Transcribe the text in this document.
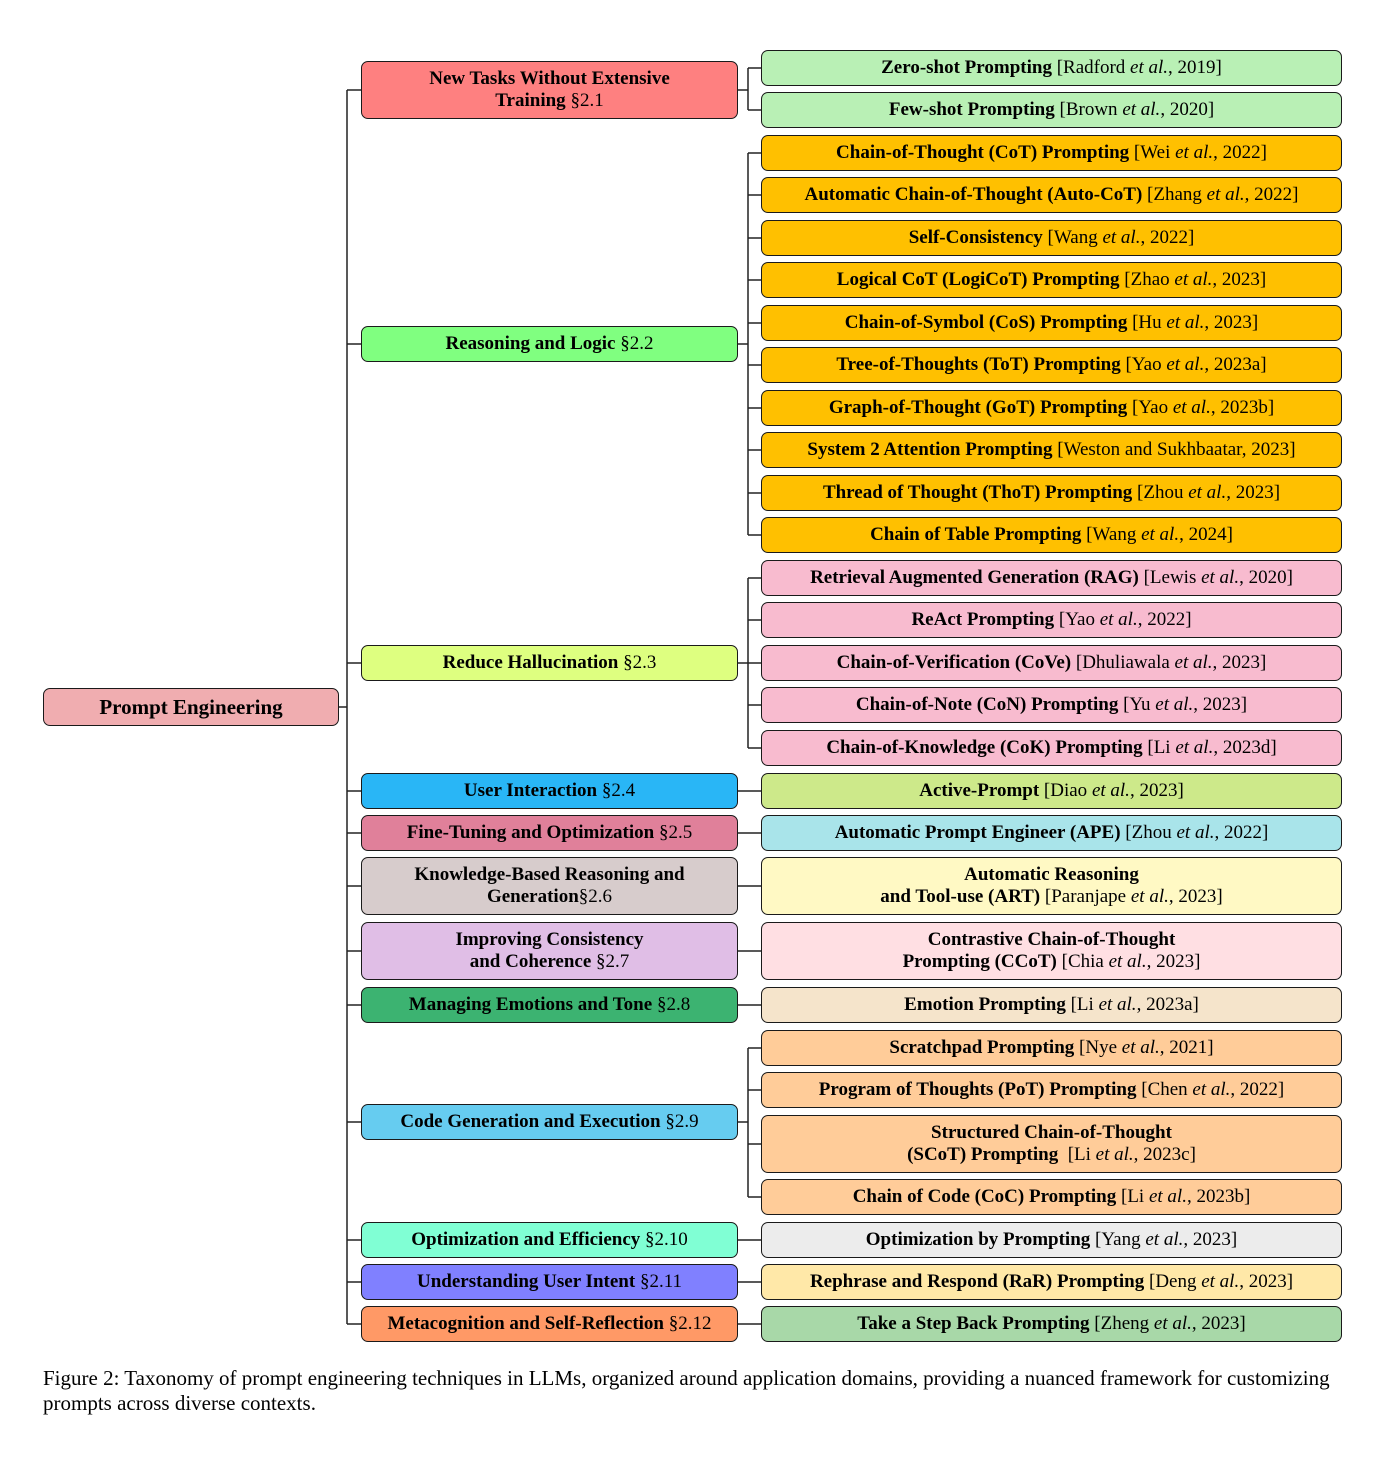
Prompt Engineering
New Tasks Without Extensive
Training §2.1
Reasoning and Logic §2.2
Reduce Hallucination §2.3
User Interaction §2.4
Fine-Tuning and Optimization §2.5
Knowledge-Based Reasoning and
Generation§2.6
Improving Consistency
and Coherence §2.7
Managing Emotions and Tone §2.8
Code Generation and Execution §2.9
Optimization and Efficiency §2.10
Understanding User Intent §2.11
Metacognition and Self-Reflection §2.12
Zero-shot Prompting [Radford et al., 2019]
Few-shot Prompting [Brown et al., 2020]
Chain-of-Thought (CoT) Prompting [Wei et al., 2022]
Automatic Chain-of-Thought (Auto-CoT) [Zhang et al., 2022]
Self-Consistency [Wang et al., 2022]
Logical CoT (LogiCoT) Prompting [Zhao et al., 2023]
Chain-of-Symbol (CoS) Prompting [Hu et al., 2023]
Tree-of-Thoughts (ToT) Prompting [Yao et al., 2023a]
Graph-of-Thought (GoT) Prompting [Yao et al., 2023b]
System 2 Attention Prompting [Weston and Sukhbaatar, 2023]
Thread of Thought (ThoT) Prompting [Zhou et al., 2023]
Chain of Table Prompting [Wang et al., 2024]
Retrieval Augmented Generation (RAG) [Lewis et al., 2020]
ReAct Prompting [Yao et al., 2022]
Chain-of-Verification (CoVe) [Dhuliawala et al., 2023]
Chain-of-Note (CoN) Prompting [Yu et al., 2023]
Chain-of-Knowledge (CoK) Prompting [Li et al., 2023d]
Active-Prompt [Diao et al., 2023]
Automatic Prompt Engineer (APE) [Zhou et al., 2022]
Automatic Reasoning
and Tool-use (ART) [Paranjape et al., 2023]
Contrastive Chain-of-Thought
Prompting (CCoT) [Chia et al., 2023]
Emotion Prompting [Li et al., 2023a]
Scratchpad Prompting [Nye et al., 2021]
Program of Thoughts (PoT) Prompting [Chen et al., 2022]
Structured Chain-of-Thought
(SCoT) Prompting  [Li et al., 2023c]
Chain of Code (CoC) Prompting [Li et al., 2023b]
Optimization by Prompting [Yang et al., 2023]
Rephrase and Respond (RaR) Prompting [Deng et al., 2023]
Take a Step Back Prompting [Zheng et al., 2023]
Figure 2: Taxonomy of prompt engineering techniques in LLMs, organized around application domains, providing a nuanced framework for customizing prompts across diverse contexts.
